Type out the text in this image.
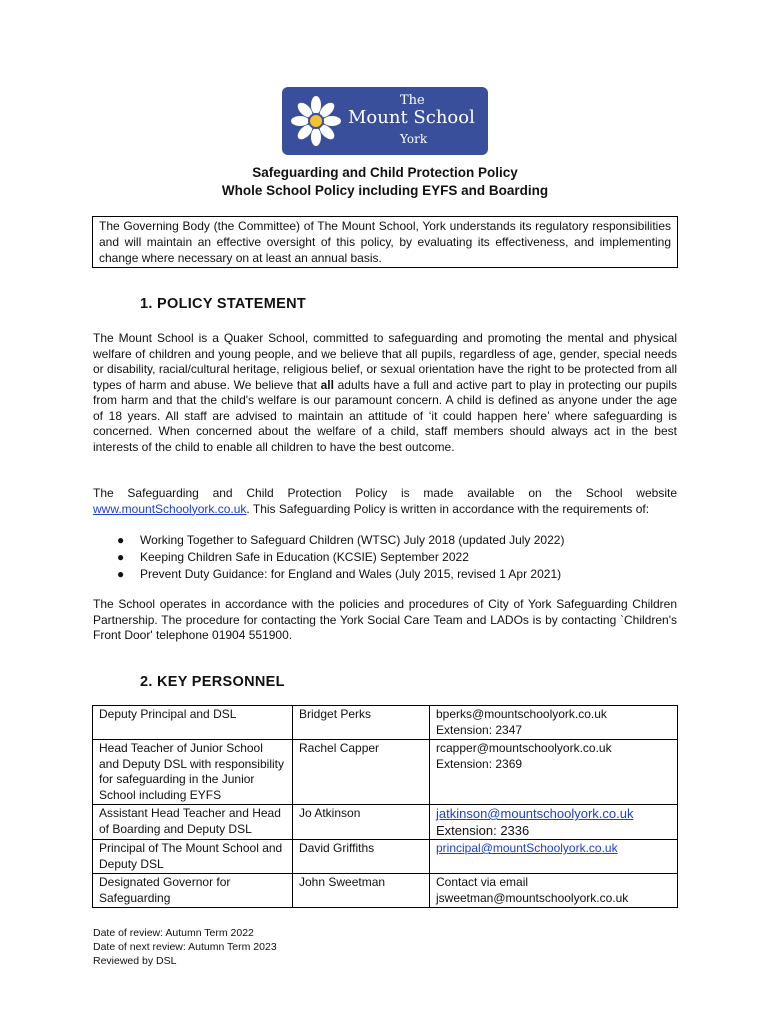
The
Mount School
York
Safeguarding and Child Protection Policy
Whole School Policy including EYFS and Boarding
The Governing Body (the Committee) of The Mount School, York understands its regulatory responsibilities and will maintain an effective oversight of this policy, by evaluating its effectiveness, and implementing change where necessary on at least an annual basis.
1. POLICY STATEMENT
The Mount School is a Quaker School, committed to safeguarding and promoting the mental and physical welfare of children and young people, and we believe that all pupils, regardless of age, gender, special needs or disability, racial/cultural heritage, religious belief, or sexual orientation have the right to be protected from all types of harm and abuse. We believe that all adults have a full and active part to play in protecting our pupils from harm and that the child's welfare is our paramount concern. A child is defined as anyone under the age of 18 years. All staff are advised to maintain an attitude of ‘it could happen here’ where safeguarding is concerned. When concerned about the welfare of a child, staff members should always act in the best interests of the child to enable all children to have the best outcome.
The Safeguarding and Child Protection Policy is made available on the School website www.mountSchoolyork.co.uk. This Safeguarding Policy is written in accordance with the requirements of:
● Working Together to Safeguard Children (WTSC) July 2018 (updated July 2022)
● Keeping Children Safe in Education (KCSIE) September 2022
● Prevent Duty Guidance: for England and Wales (July 2015, revised 1 Apr 2021)
The School operates in accordance with the policies and procedures of City of York Safeguarding Children Partnership. The procedure for contacting the York Social Care Team and LADOs is by contacting `Children's Front Door' telephone 01904 551900.
2. KEY PERSONNEL
Deputy Principal and DSL	Bridget Perks	bperks@mountschoolyork.co.uk
Extension: 2347

Head Teacher of Junior School and Deputy DSL with responsibility for safeguarding in the Junior School including EYFS	Rachel Capper	rcapper@mountschoolyork.co.uk
Extension: 2369

Assistant Head Teacher and Head of Boarding and Deputy DSL	Jo Atkinson	jatkinson@mountschoolyork.co.uk
Extension: 2336

Principal of The Mount School and Deputy DSL	David Griffiths	principal@mountSchoolyork.co.uk

Designated Governor for Safeguarding	John Sweetman	Contact via email
jsweetman@mountschoolyork.co.uk
Date of review: Autumn Term 2022
Date of next review: Autumn Term 2023
Reviewed by DSL
